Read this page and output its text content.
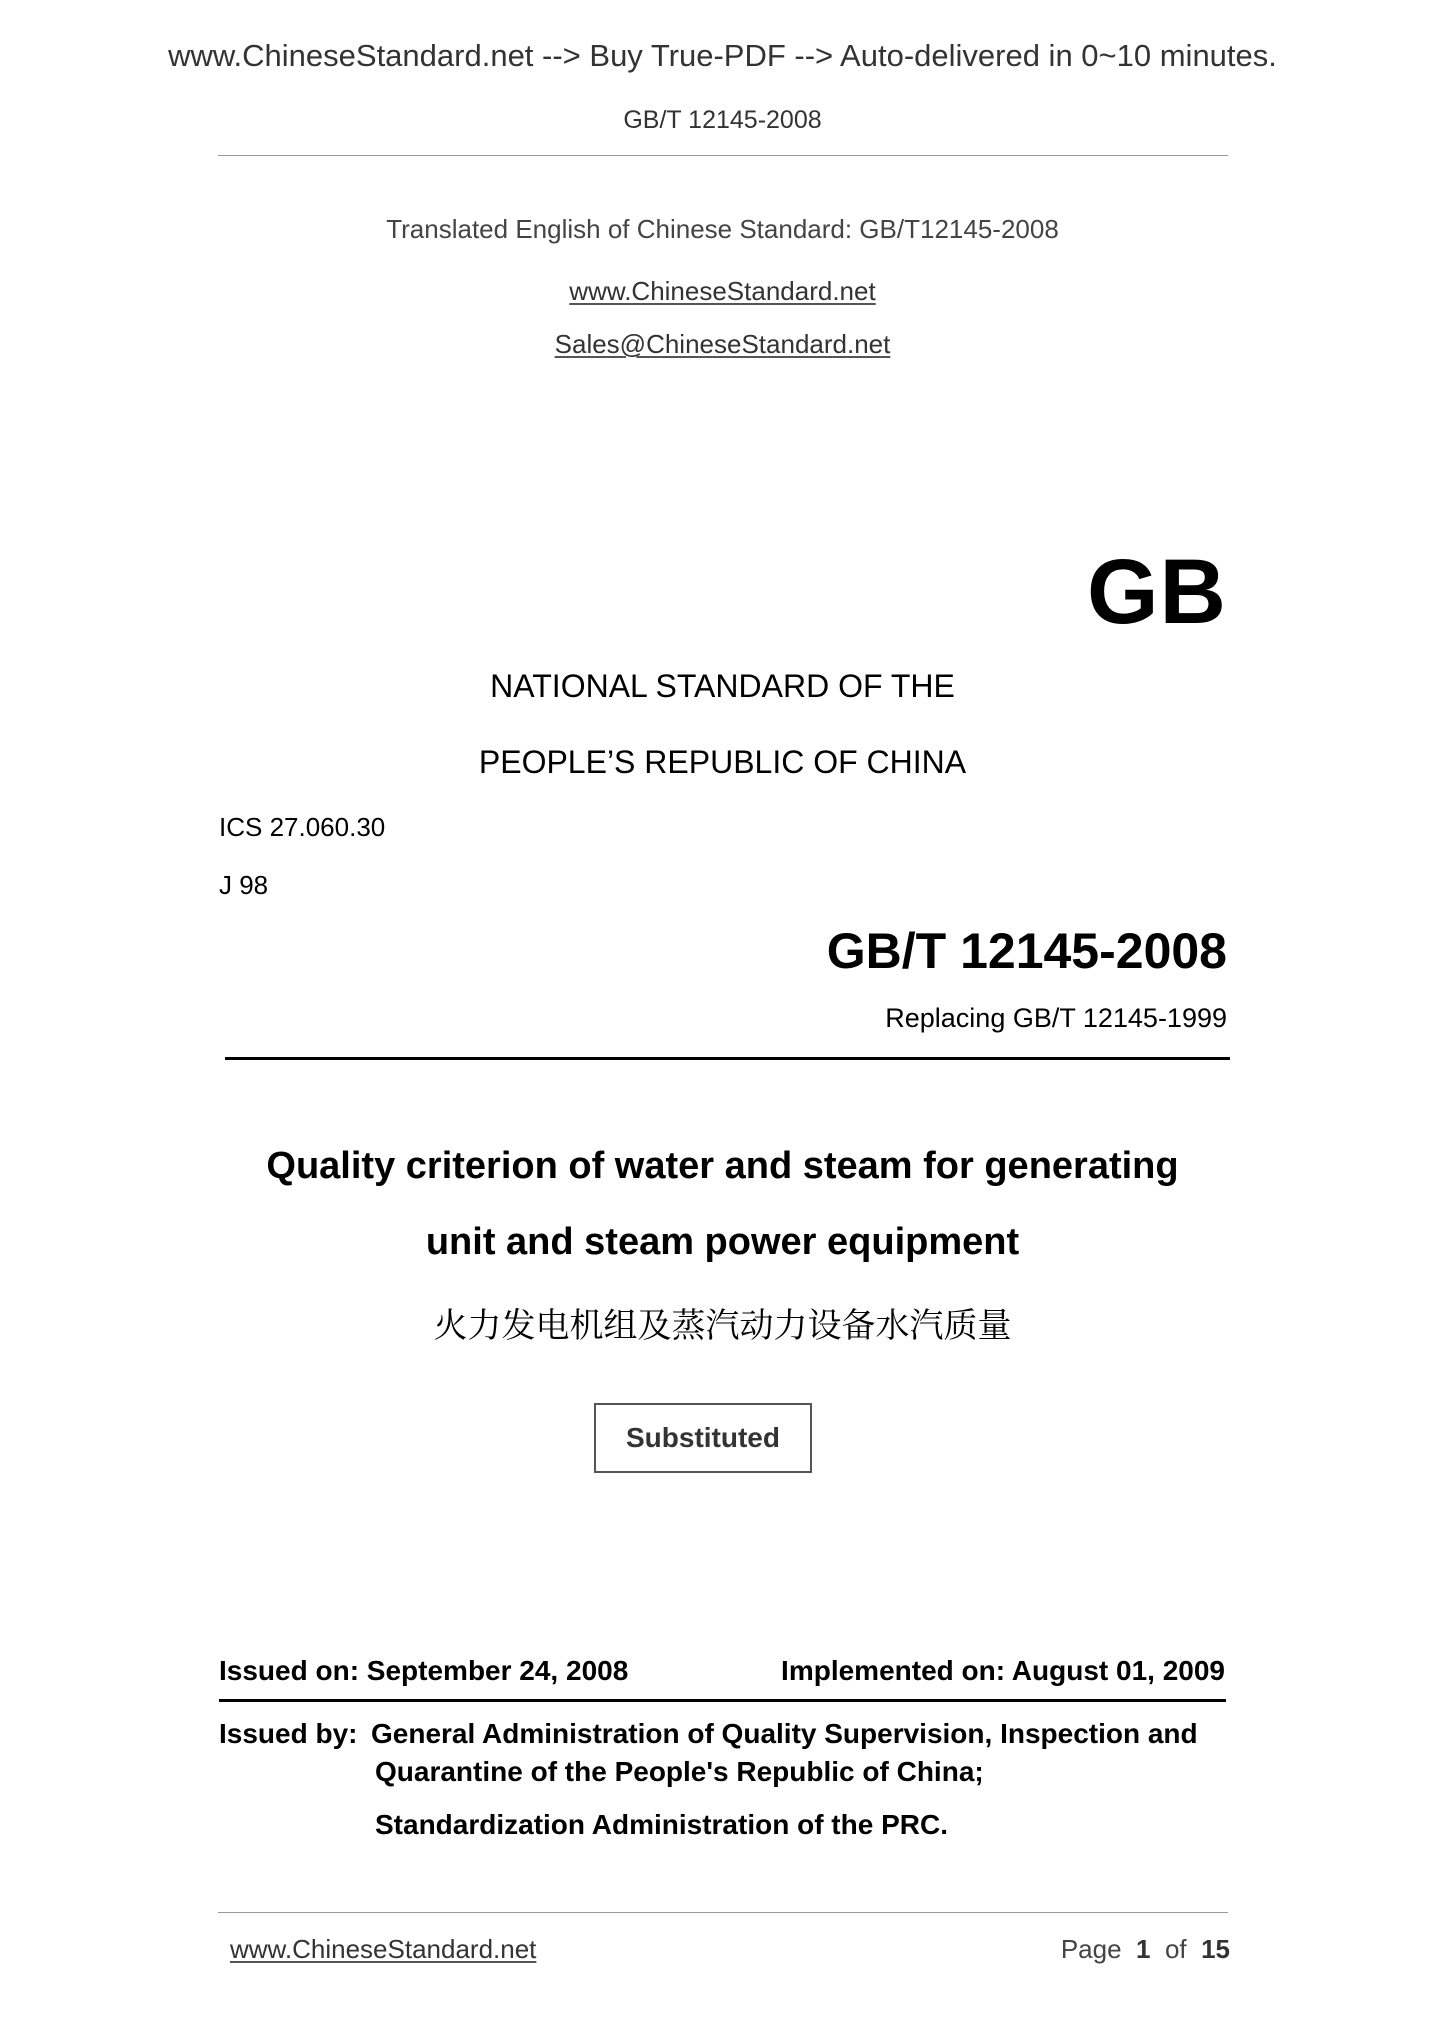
www.ChineseStandard.net --> Buy True-PDF --> Auto-delivered in 0~10 minutes.
GB/T 12145-2008
Translated English of Chinese Standard: GB/T12145-2008
www.ChineseStandard.net
Sales@ChineseStandard.net
GB
NATIONAL STANDARD OF THE
PEOPLE’S REPUBLIC OF CHINA
ICS 27.060.30
J 98
GB/T 12145-2008
Replacing GB/T 12145-1999
Quality criterion of water and steam for generating
unit and steam power equipment
火力发电机组及蒸汽动力设备水汽质量
Substituted
Issued on: September 24, 2008	Implemented on: August 01, 2009
Issued by: General Administration of Quality Supervision, Inspection and
Quarantine of the People's Republic of China;
Standardization Administration of the PRC.
www.ChineseStandard.net	Page 1 of 15
